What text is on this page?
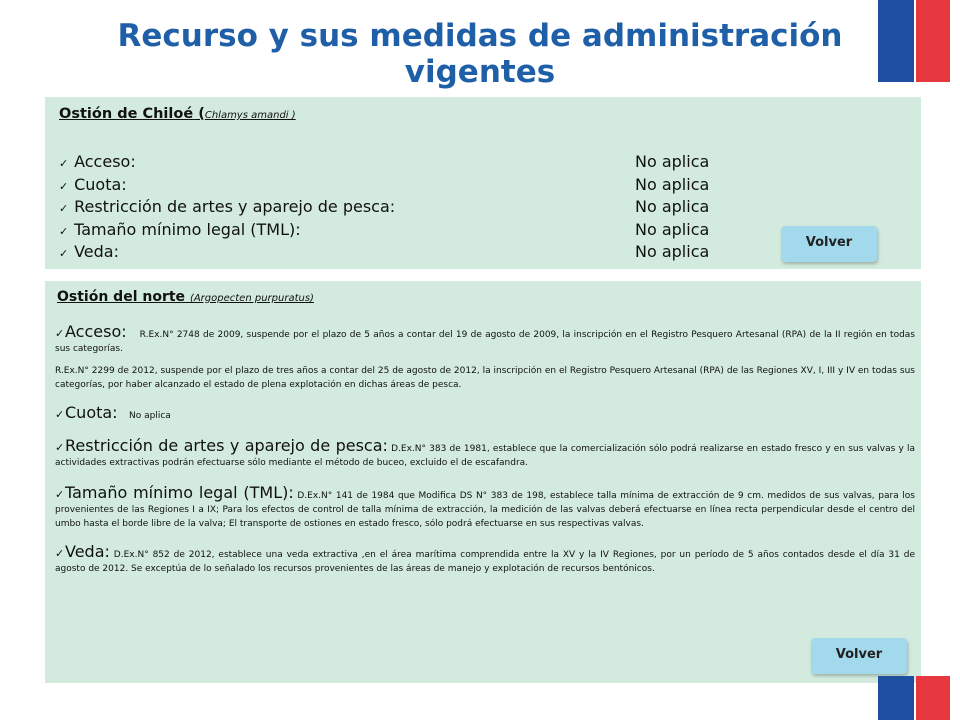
Recurso y sus medidas de administración vigentes
Ostión de Chiloé (Chlamys amandi )
✓ Acceso:	No aplica
✓ Cuota:	No aplica
✓ Restricción de artes y aparejo de pesca:	No aplica
✓ Tamaño mínimo legal (TML):	No aplica
✓ Veda:	No aplica	Volver
Ostión del norte (Argopecten purpuratus)

✓Acceso: R.Ex.N° 2748 de 2009, suspende por el plazo de 5 años a contar del 19 de agosto de 2009, la inscripción en el Registro Pesquero Artesanal (RPA) de la II región en todas sus categorías.

R.Ex.N° 2299 de 2012, suspende por el plazo de tres años a contar del 25 de agosto de 2012, la inscripción en el Registro Pesquero Artesanal (RPA) de las Regiones XV, I, III y IV en todas sus categorías, por haber alcanzado el estado de plena explotación en dichas áreas de pesca.

✓Cuota: No aplica

✓Restricción de artes y aparejo de pesca: D.Ex.N° 383 de 1981, establece que la comercialización sólo podrá realizarse en estado fresco y en sus valvas y la actividades extractivas podrán efectuarse sólo mediante el método de buceo, excluido el de escafandra.

✓Tamaño mínimo legal (TML): D.Ex.N° 141 de 1984 que Modifica DS N° 383 de 198, establece talla mínima de extracción de 9 cm. medidos de sus valvas, para los provenientes de las Regiones I a IX; Para los efectos de control de talla mínima de extracción, la medición de las valvas deberá efectuarse en línea recta perpendicular desde el centro del umbo hasta el borde libre de la valva; El transporte de ostiones en estado fresco, sólo podrá efectuarse en sus respectivas valvas.

✓Veda: D.Ex.N° 852 de 2012, establece una veda extractiva ,en el área marítima comprendida entre la XV y la IV Regiones, por un período de 5 años contados desde el día 31 de agosto de 2012. Se exceptúa de lo señalado los recursos provenientes de las áreas de manejo y explotación de recursos bentónicos.

Volver
